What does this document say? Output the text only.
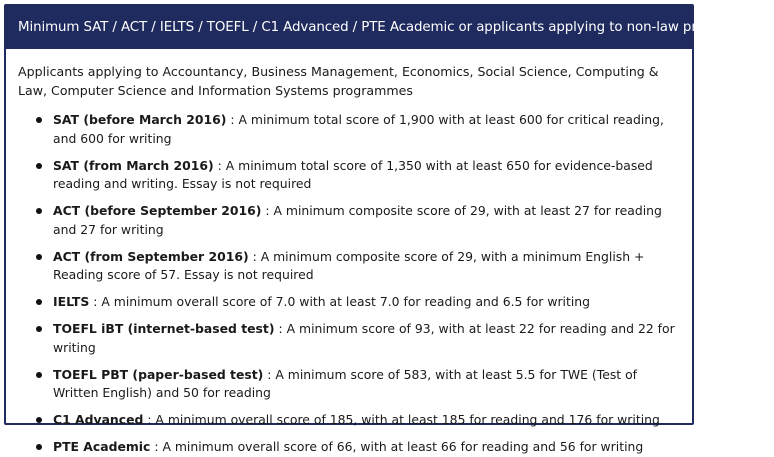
Minimum SAT / ACT / IELTS / TOEFL / C1 Advanced / PTE Academic or applicants applying to non-law programmes -

Applicants applying to Accountancy, Business Management, Economics, Social Science, Computing & Law, Computer Science and Information Systems programmes

SAT (before March 2016) : A minimum total score of 1,900 with at least 600 for critical reading, and 600 for writing
SAT (from March 2016) : A minimum total score of 1,350 with at least 650 for evidence-based reading and writing. Essay is not required
ACT (before September 2016) : A minimum composite score of 29, with at least 27 for reading and 27 for writing
ACT (from September 2016) : A minimum composite score of 29, with a minimum English + Reading score of 57. Essay is not required
IELTS : A minimum overall score of 7.0 with at least 7.0 for reading and 6.5 for writing
TOEFL iBT (internet-based test) : A minimum score of 93, with at least 22 for reading and 22 for writing
TOEFL PBT (paper-based test) : A minimum score of 583, with at least 5.5 for TWE (Test of Written English) and 50 for reading
C1 Advanced : A minimum overall score of 185, with at least 185 for reading and 176 for writing
PTE Academic : A minimum overall score of 66, with at least 66 for reading and 56 for writing
